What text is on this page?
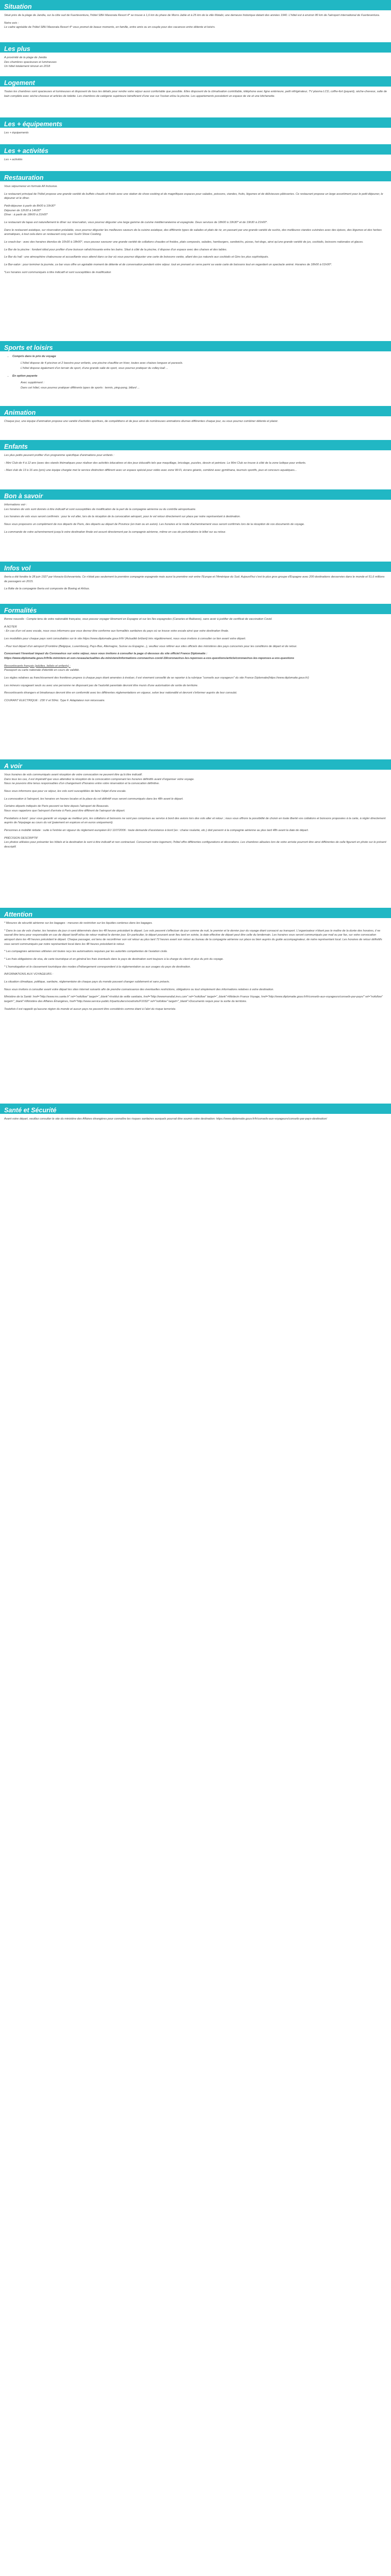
Situation

Situé près de la plage de Jandia, sur la côte sud de Fuerteventura, l'hôtel SBH Maxorata Resort 4* se trouve à 1,6 km du phare de Morro Jable et à 25 km de la ville Motabi, une demeure historique datant des années 1940. L'hôtel est à environ 80 km de l'aéroport international de Fuerteventura.

Notre avis :

Le cadre agréable de l'hôtel SBH Maxorata Resort 4* vous promet de beaux moments, en famille, entre amis ou en couple pour des vacances entre détente et loisirs.

Les plus

A proximité de la plage de Jandia

Des chambres spacieuses et lumineuses

Un hôtel totalement rénové en 2018

Logement

Toutes les chambres sont spacieuses et lumineuses et disposent de tous les détails pour rendre votre séjour aussi confortable que possible. Elles disposent de la climatisation contrôlable, téléphone avec ligne extérieure, petit réfrigérateur, TV plasma LCD, coffre-fort (payant), sèche-cheveux, salle de bain complète avec sèche-cheveux et articles de toilette. Les chambres de catégorie supérieure bénéficient d'une vue sur l'océan et/ou la piscine. Les appartements possèdent un espace de vie et une kitchenette.

Les + équipements

Les + équipements

Les + activités

Les + activités

Restauration

Vous séjournerez en formule All Inclusive.

Le restaurant principal de l'hôtel propose une grande variété de buffets chauds et froids avec une station de show cooking et de magnifiques espaces pour salades, poissons, viandes, fruits, légumes et de délicieuses pâtisseries. Ce restaurant propose un large assortiment pour le petit-déjeuner, le déjeuner et le dîner.

Petit-déjeuner à partir de 8h00 à 10h30*

Déjeuner de 12h30 à 14h30*

Dîner : à partir de 18h00 à 21h00*

Le restaurant de tapas est naturellement le dîner sur réservation, vous pourrez déguster une large gamme de cuisine méditerranéenne et espagnole. Deux services de 18h00 à 19h30* et de 19h30 à 21h00*.

Dans le restaurant asiatique, sur réservation préalable, vous pourrez déguster les meilleures saveurs de la cuisine asiatique, des différents types de salades et plats de riz, en passant par une grande variété de sushis, des meilleures viandes cuisinées avec des épices, des légumes et des herbes aromatiques, à tout cela dans un restaurant cosy avec Sushi Show Cooking.

Le snack-bar : avec des horaires étendus de 10h30 à 18h00*, vous pouvez savourer une grande variété de collations chaudes et froides, plats composés, salades, hamburgers, sandwichs, pizzas, hot-dogs, ainsi qu'une grande variété de jus, cocktails, boissons nationales et glaces.

Le Bar de la piscine : fondant idéal pour profiter d'une boisson rafraîchissante entre les bains. Situé à côté de la piscine, il dispose d'un espace avec des chaises et des tables.

Le Bar du hall : une atmosphère chaleureuse et accueillante vous attend dans ce bar où vous pourrez déguster une carte de boissons variée, allant des jus naturels aux cocktails et Gins les plus sophistiqués.

Le Bar-salon : pour terminer la journée, ce bar vous offre un agréable moment de détente et de conversation pendant votre séjour. tout en prenant un verre parmi sa vaste carte de boissons tout en regardant un spectacle animé. Horaires de 18h00 à 01h00*.

*Les horaires sont communiqués à titre indicatif et sont susceptibles de modification

Sports et loisirs
• Compris dans le prix du voyage

L'hôtel dispose de 4 piscines et 2 bassins pour enfants, une piscine chauffée en hiver, toutes avec chaises longues et parasols.

L'hôtel dispose également d'un terrain de sport, d'une grande salle de sport, vous pourrez pratiquer du volley-ball ...

• En option payante

Avec supplément :

Dans cet hôtel, vous pourrez pratiquer différents types de sports : tennis, ping-pong, billard ...

Animation

Chaque jour, une équipe d'animation propose une variété d'activités sportives, de compétitions et de jeux ainsi de nombreuses animations diurnes différentes chaque jour, ou vous pourrez combiner détente et plaisir.

Enfants

Les plus petits peuvent profiter d'un programme spécifique d'animations pour enfants :

- Mini Club de 4 à 12 ans (avec des stands thématiques pour réaliser des activités éducatives et des jeux éducatifs tels que maquillage, bricolage, puzzles, dessin et peinture. Le Mini Club se trouve à côté de la zone ludique pour enfants.

- Maxi club de 13 à 16 ans (prix) une équipe chargée met le service distinction différent avec un espace spécial pour vidéo avec zone Wi-Fi, écrans géants, combiné avec gymkhana, tournois sportifs, jeux et concours aquatiques...

Bon à savoir

Informations voir :

Les horaires de vols sont donnés à titre indicatif et sont susceptibles de modification de la part de la compagnie aérienne ou du contrôle aéroportuaire.

Les horaires de vols vous seront confirmés : pour le vol aller, lors de la réception de la convocation aéroport, pour le vol retour directement sur place par notre représentant à destination.

Nous vous proposons un complément de nos départs de Paris, des départs au départ de Province (en train ou en avion). Les horaires et le mode d'acheminement vous seront confirmés lors de la réception de vos documents de voyage.

La commande de votre acheminement jusqu'à votre destination finale est assuré directement par la compagnie aérienne, même en cas de perturbations le billet sur au retour.

Infos vol

Iberia a été fondée le 28 juin 1927 par Horacio Echevarrieta. Ce n'était pas seulement la première compagnie espagnole mais aussi la première voir entre l'Europe et l'Amérique du Sud. Aujourd'hui c'est le plus gros groupe d'Espagne avec 200 destinations desservies dans le monde et 51,6 millions de passagers en 2015.

La flotte de la compagnie Iberia est composée de Boeing et Airbus.

Formalités

Bonne nouvelle : Compte tenu de votre nationalité française, vous pouvez voyager librement en Espagne et sur les îles espagnoles (Canaries et Baléares), sans avoir à justifier de certificat de vaccination Covid.

A NOTER

- En cas d'un vol avec escale, nous vous informons que vous devrez être conforme aux formalités sanitaires du pays où se trouve votre escale ainsi que votre destination finale.

Les modalités pour chaque pays sont consultables sur le site https://www.diplomatie.gouv.fr/fr/ (Actualité brûlant) très régulièrement, nous vous invitons à consulter ce lien avant votre départ.

- Pour tout départ d'un aéroport (Frontière (Belgique, Luxembourg, Pays-Bas, Allemagne, Suisse ou Espagne...), veuillez vous référer aux sites officiels des ministères des pays concernés pour les conditions de départ et de retour.

Concernant l'éventuel impact du Coronavirus sur votre séjour, nous vous invitons à consulter la page cl-dessous du site officiel France Diplomatie :

https://www.diplomatie.gouv.fr/fr/le-ministere-et-son-reseau/actualites-du-ministere/informations-coronavirus-covid-19/coronavirus-les-reponses-a-vos-questions/article/coronavirus-les-reponses-a-vos-questions

Ressortissants français (adultes, bébés et enfants) :

Passeport ou carte nationale d'identité en cours de validité.

Les règles relatives au franchissement des frontières propres à chaque pays étant amenées à évoluer, il est vivement conseillé de se reporter à la rubrique "conseils aux voyageurs" du site France Diplomatie(https://www.diplomatie.gouv.fr/)

Les mineurs voyageant seuls ou avec une personne ne disposant pas de l'autorité parentale devront être munis d'une autorisation de sortie de territoire.

Ressortissants étrangers et binationaux devront être en conformité avec les différentes réglementations en vigueur, selon leur nationalité et devront s'informer auprès de leur consulat.

COURANT ELECTRIQUE : 230 V et 50Hz. Type F. Adaptateur non nécessaire.

A voir

Vous horaires de vols communiqués avant réception de votre convocation ne peuvent être qu'à titre indicatif.

Dans tous les cas, il est impératif que vous attendiez la réception de la convocation comprenant les horaires définitifs avant d'organiser votre voyage.

Nous ne pouvons être tenus responsables d'un changement d'horaires entre votre réservation et la convocation définitive.

Nous vous informons que pour ce séjour, les vols sont susceptibles de faire l'objet d'une escale.

La convocation à l'aéroport, les horaires en heures locales et la place du vol définitif vous seront communiqués dans les 48h avant le départ.

Certains départs indiqués de Paris peuvent se faire depuis l'aéroport de Beauvais.

Nous vous rappelons que l'aéroport d'arrivée à Paris peut être différent de l'aéroport de départ.

Prestations à bord : pour vous garantir un voyage au meilleur prix, les collations et boissons ne sont pas comprises au service à bord des avions lors des vols aller et retour ; nous vous offrons la possibilité de choisir en toute liberté vos collations et boissons proposées à la carte, à régler directement auprès de l'équipage au cours du vol (paiement en espèces et en euros uniquement).

Personnes à mobilité réduite : suite à l'entrée en vigueur du règlement européen EU 1107/2006 : toute demande d'assistance à bord (ex : chaise roulante, etc.) doit parvenir à la compagnie aérienne au plus tard 48h avant la date de départ.

PRÉCISION DESCRIPTIF

Les photos utilisées pour présenter les hôtels et la destination le sont à titre indicatif et non contractuel. Concernant notre logement, l'hôtel offre différentes configurations et décorations. Les chambres allouées lors de votre arrivée pourront être ainsi différentes de celle figurant en photo sur le présent descriptif.

Attention

* Mesures de sécurité aérienne sur les bagages : mesures de restriction sur les liquides contenus dans les bagages.

* Dans le cas de vols charter, les horaires de jour ci-sont déterminés dans les 48 heures précédant le départ. Les vols peuvent s'effectuer de jour comme de nuit, le premier et le dernier jour du voyage étant consacré au transport. L'organisateur n'étant pas le maître de la durée des horaires, il ne saurait être tenu pour responsable en cas de départ tardif et/ou de retour matinal le dernier jour. En particulier, le départ pouvant avoir lieu tard en soirée, la date effective de départ peut être celle du lendemain. Les horaires vous seront communiqués par mail ou par fax, sur votre convocation aéroport dans les 48 heures précédant le départ. Chaque passager, est tenu de reconfirmer son vol retour au plus tard 72 heures avant son retour au bureau de la compagnie aérienne sur place ou bien auprès du guide accompagnateur, de notre représentant local. Les horaires de retour définitifs vous seront communiqués par notre représentant local dans les 48 heures précédant le retour.

* Les compagnies aériennes utilisées ont toutes reçu les autorisations requises par les autorités compétentes de l'aviation civile.

* Les frais obligatoires de visa, de carte touristique et en général les frais éventuels dans le pays de destination sont toujours à la charge du client et plus du prix du voyage.

* L'homologation et le classement touristique des modes d'hébergement correspondent à la réglementation ou aux usages du pays de destination.

INFORMATIONS AUX VOYAGEURS :

La situation climatique, politique, sanitaire, réglementaire de chaque pays du monde pouvant changer subitement et sans préavis.

Nous vous invitons à consulter avant votre départ les sites internet suivants afin de prendre connaissance des éventuelles restrictions, obligations ou tout simplement des informations relatives à votre destination.

Ministère de la Santé: href="http://www.ms.sante.fr" rel="nofollow" target="_blank">Institut de veille sanitaire, href="http://wwwmondial.invs.com" rel="nofollow" target="_blank">Médecin France Voyage, href="http://www.diplomatie.gouv.fr/fr/conseils-aux-voyageurs/conseils-par-pays/" rel="nofollow" target="_blank">Ministère des Affaires Étrangères, href="http://www.service-public.fr/particuliers/vosdroits/F1032/" rel="nofollow" target="_blank">Documents requis pour la sortie du territoire.

Toutefois il est rappelé qu'aucune région du monde et aucun pays ne peuvent être considérés comme étant à l'abri du risque terroriste.

Santé et Sécurité

Avant votre départ, veuillez consulter le site du ministère des Affaires étrangères pour connaître les risques sanitaires auxquels pourrait être soumis votre destination: https://www.diplomatie.gouv.fr/fr/conseils-aux-voyageurs/conseils-par-pays-destination/
